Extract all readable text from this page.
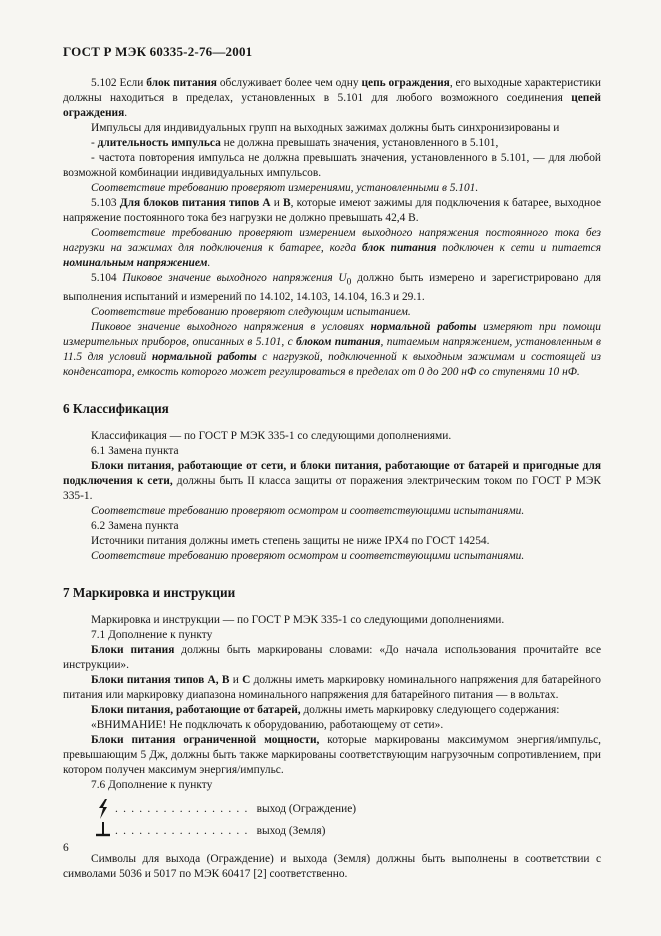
ГОСТ Р МЭК 60335-2-76—2001

5.102 Если блок питания обслуживает более чем одну цепь ограждения, его выходные характеристики должны находиться в пределах, установленных в 5.101 для любого возможного соединения цепей ограждения.

Импульсы для индивидуальных групп на выходных зажимах должны быть синхронизированы и

- длительность импульса не должна превышать значения, установленного в 5.101,

- частота повторения импульса не должна превышать значения, установленного в 5.101, — для любой возможной комбинации индивидуальных импульсов.

Соответствие требованию проверяют измерениями, установленными в 5.101.

5.103 Для блоков питания типов А и В, которые имеют зажимы для подключения к батарее, выходное напряжение постоянного тока без нагрузки не должно превышать 42,4 В.

Соответствие требованию проверяют измерением выходного напряжения постоянного тока без нагрузки на зажимах для подключения к батарее, когда блок питания подключен к сети и питается номинальным напряжением.

5.104 Пиковое значение выходного напряжения $U_0$ должно быть измерено и зарегистрировано для выполнения испытаний и измерений по 14.102, 14.103, 14.104, 16.3 и 29.1.

Соответствие требованию проверяют следующим испытанием.

Пиковое значение выходного напряжения в условиях нормальной работы измеряют при помощи измерительных приборов, описанных в 5.101, с блоком питания, питаемым напряжением, установленным в 11.5 для условий нормальной работы с нагрузкой, подключенной к выходным зажимам и состоящей из конденсатора, емкость которого может регулироваться в пределах от 0 до 200 нФ со ступенями 10 нФ.

6 Классификация

Классификация — по ГОСТ Р МЭК 335-1 со следующими дополнениями.

6.1 Замена пункта

Блоки питания, работающие от сети, и блоки питания, работающие от батарей и пригодные для подключения к сети, должны быть II класса защиты от поражения электрическим током по ГОСТ Р МЭК 335-1.

Соответствие требованию проверяют осмотром и соответствующими испытаниями.

6.2 Замена пункта

Источники питания должны иметь степень защиты не ниже IPX4 по ГОСТ 14254.

Соответствие требованию проверяют осмотром и соответствующими испытаниями.

7 Маркировка и инструкции

Маркировка и инструкции — по ГОСТ Р МЭК 335-1 со следующими дополнениями.

7.1 Дополнение к пункту

Блоки питания должны быть маркированы словами: «До начала использования прочитайте все инструкции».

Блоки питания типов А, В и С должны иметь маркировку номинального напряжения для батарейного питания или маркировку диапазона номинального напряжения для батарейного питания — в вольтах.

Блоки питания, работающие от батарей, должны иметь маркировку следующего содержания:

«ВНИМАНИЕ! Не подключать к оборудованию, работающему от сети».

Блоки питания ограниченной мощности, которые маркированы максимумом энергия/импульс, превышающим 5 Дж, должны быть также маркированы соответствующим нагрузочным сопротивлением, при котором получен максимум энергия/импульс.

7.6 Дополнение к пункту

. . . . . . . . . . . . . . . . . выход (Ограждение)
. . . . . . . . . . . . . . . . . выход (Земля)

Символы для выхода (Ограждение) и выхода (Земля) должны быть выполнены в соответствии с символами 5036 и 5017 по МЭК 60417 [2] соответственно.

6
